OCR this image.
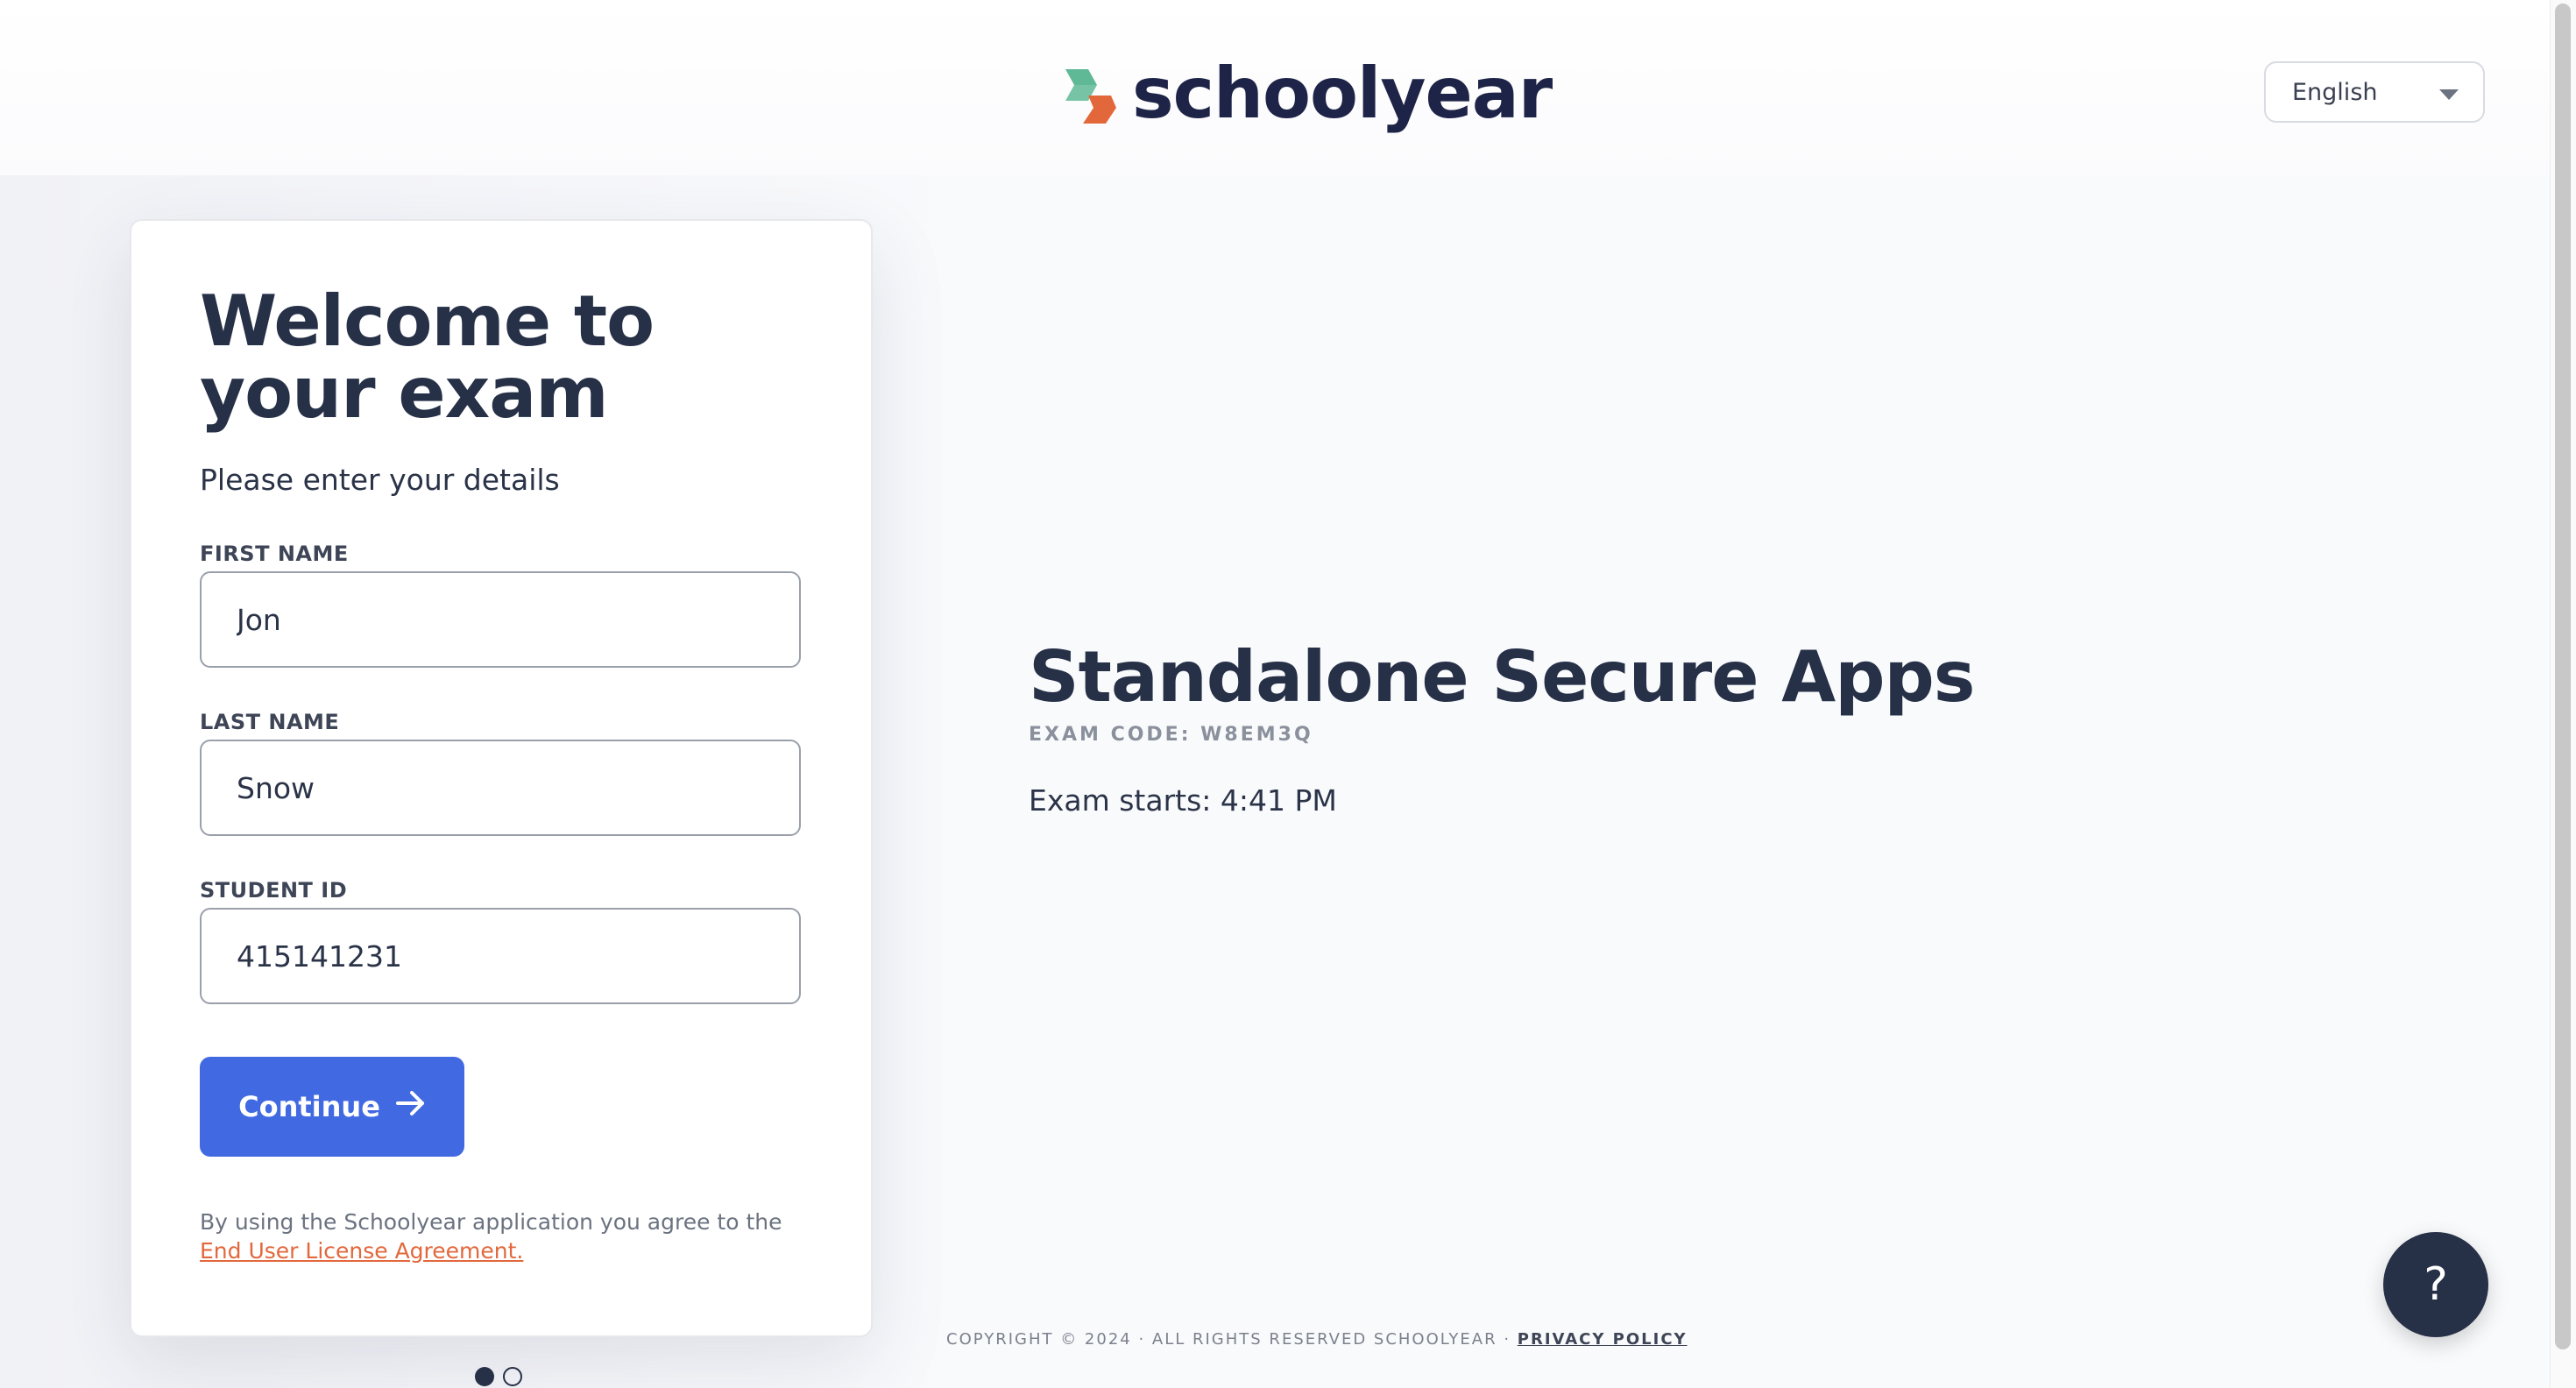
schoolyear	English
Welcome to your exam
Please enter your details
FIRST NAME
Jon
LAST NAME
Snow
STUDENT ID
415141231
Continue
By using the Schoolyear application you agree to the End User License Agreement.
Standalone Secure Apps
EXAM CODE: W8EM3Q
Exam starts: 4:41 PM
COPYRIGHT © 2024 · ALL RIGHTS RESERVED SCHOOLYEAR · PRIVACY POLICY
?
